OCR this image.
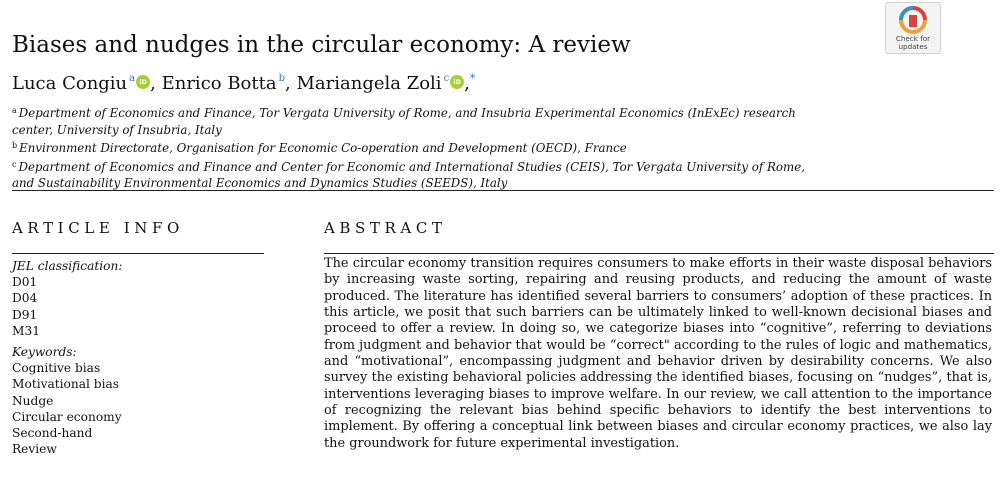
Biases and nudges in the circular economy: A review	Check for
updates
Luca Congiu $^a$ iD , Enrico Botta $^b$, Mariangela Zoli $^c$ iD ,*
$^a$ Department of Economics and Finance, Tor Vergata University of Rome, and Insubria Experimental Economics (InExEc) research center, University of Insubria, Italy
$^b$ Environment Directorate, Organisation for Economic Co-operation and Development (OECD), France
$^c$ Department of Economics and Finance and Center for Economic and International Studies (CEIS), Tor Vergata University of Rome, and Sustainability Environmental Economics and Dynamics Studies (SEEDS), Italy
ARTICLE INFO	ABSTRACT
JEL classification:
D01
D04
D91
M31
Keywords:
Cognitive bias
Motivational bias
Nudge
Circular economy
Second-hand
Review
The circular economy transition requires consumers to make efforts in their waste disposal behaviors by increasing waste sorting, repairing and reusing products, and reducing the amount of waste produced. The literature has identified several barriers to consumers’ adoption of these practices. In this article, we posit that such barriers can be ultimately linked to well-known decisional biases and proceed to offer a review. In doing so, we categorize biases into “cognitive”, referring to deviations from judgment and behavior that would be “correct" according to the rules of logic and mathematics, and “motivational”, encompassing judgment and behavior driven by desirability concerns. We also survey the existing behavioral policies addressing the identified biases, focusing on “nudges”, that is, interventions leveraging biases to improve welfare. In our review, we call attention to the importance of recognizing the relevant bias behind specific behaviors to identify the best interventions to implement. By offering a conceptual link between biases and circular economy practices, we also lay the groundwork for future experimental investigation.
